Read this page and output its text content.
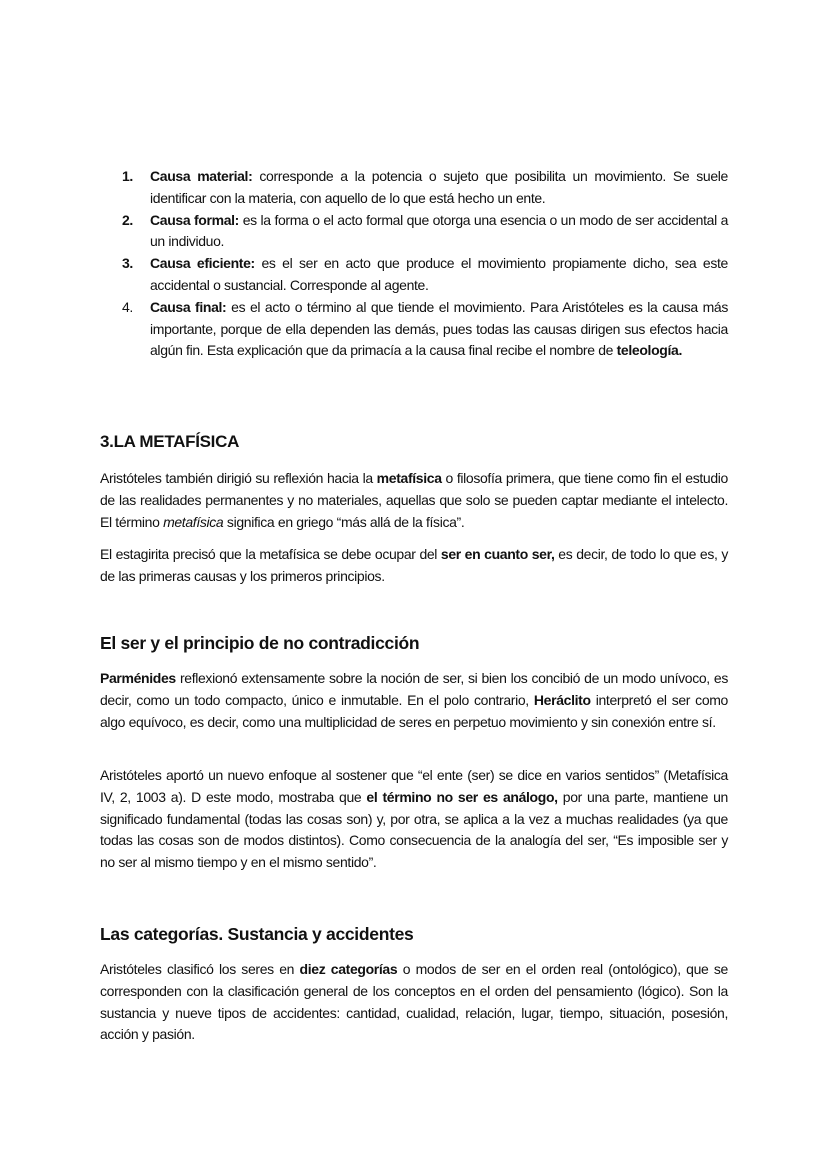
1.	Causa material: corresponde a la potencia o sujeto que posibilita un movimiento. Se suele identificar con la materia, con aquello de lo que está hecho un ente.
2.	Causa formal: es la forma o el acto formal que otorga una esencia o un modo de ser accidental a un individuo.
3.	Causa eficiente: es el ser en acto que produce el movimiento propiamente dicho, sea este accidental o sustancial. Corresponde al agente.
4.	Causa final: es el acto o término al que tiende el movimiento. Para Aristóteles es la causa más importante, porque de ella dependen las demás, pues todas las causas dirigen sus efectos hacia algún fin. Esta explicación que da primacía a la causa final recibe el nombre de teleología.
3.LA METAFÍSICA

Aristóteles también dirigió su reflexión hacia la metafísica o filosofía primera, que tiene como fin el estudio de las realidades permanentes y no materiales, aquellas que solo se pueden captar mediante el intelecto. El término metafísica significa en griego “más allá de la física”.

El estagirita precisó que la metafísica se debe ocupar del ser en cuanto ser, es decir, de todo lo que es, y de las primeras causas y los primeros principios.

El ser y el principio de no contradicción

Parménides reflexionó extensamente sobre la noción de ser, si bien los concibió de un modo unívoco, es decir, como un todo compacto, único e inmutable. En el polo contrario, Heráclito interpretó el ser como algo equívoco, es decir, como una multiplicidad de seres en perpetuo movimiento y sin conexión entre sí.

Aristóteles aportó un nuevo enfoque al sostener que “el ente (ser) se dice en varios sentidos” (Metafísica IV, 2, 1003 a). D este modo, mostraba que el término no ser es análogo, por una parte, mantiene un significado fundamental (todas las cosas son) y, por otra, se aplica a la vez a muchas realidades (ya que todas las cosas son de modos distintos). Como consecuencia de la analogía del ser, “Es imposible ser y no ser al mismo tiempo y en el mismo sentido”.

Las categorías. Sustancia y accidentes

Aristóteles clasificó los seres en diez categorías o modos de ser en el orden real (ontológico), que se corresponden con la clasificación general de los conceptos en el orden del pensamiento (lógico). Son la sustancia y nueve tipos de accidentes: cantidad, cualidad, relación, lugar, tiempo, situación, posesión, acción y pasión.
